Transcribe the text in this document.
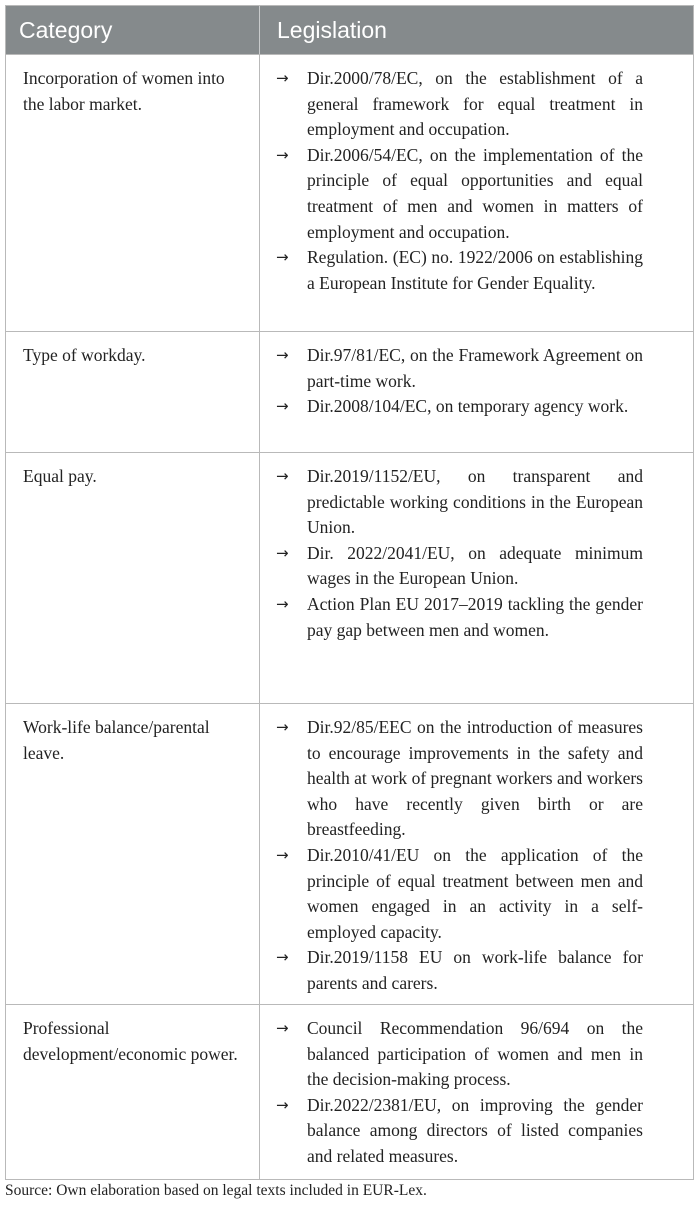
Category	Legislation
Incorporation of women into the labor market.
→	Dir.2000/78/EC, on the establishment of a general framework for equal treatment in employment and occupation.
→	Dir.2006/54/EC, on the implementation of the principle of equal opportunities and equal treatment of men and women in matters of employment and occupation.
→	Regulation. (EC) no. 1922/2006 on establishing a European Institute for Gender Equality.
Type of workday.	→	Dir.97/81/EC, on the Framework Agreement on part-time work.
→	Dir.2008/104/EC, on temporary agency work.
Equal pay.	→	Dir.2019/1152/EU, on transparent and predictable working conditions in the European Union.
→	Dir. 2022/2041/EU, on adequate minimum wages in the European Union.
→	Action Plan EU 2017–2019 tackling the gender pay gap between men and women.
Work-life balance/parental leave.
→	Dir.92/85/EEC on the introduction of measures to encourage improvements in the safety and health at work of pregnant workers and workers who have recently given birth or are breastfeeding.
→	Dir.2010/41/EU on the application of the principle of equal treatment between men and women engaged in an activity in a self-employed capacity.
→	Dir.2019/1158 EU on work-life balance for parents and carers.
Professional development/economic power.
→	Council Recommendation 96/694 on the balanced participation of women and men in the decision-making process.
→	Dir.2022/2381/EU, on improving the gender balance among directors of listed companies and related measures.
Source: Own elaboration based on legal texts included in EUR-Lex.
